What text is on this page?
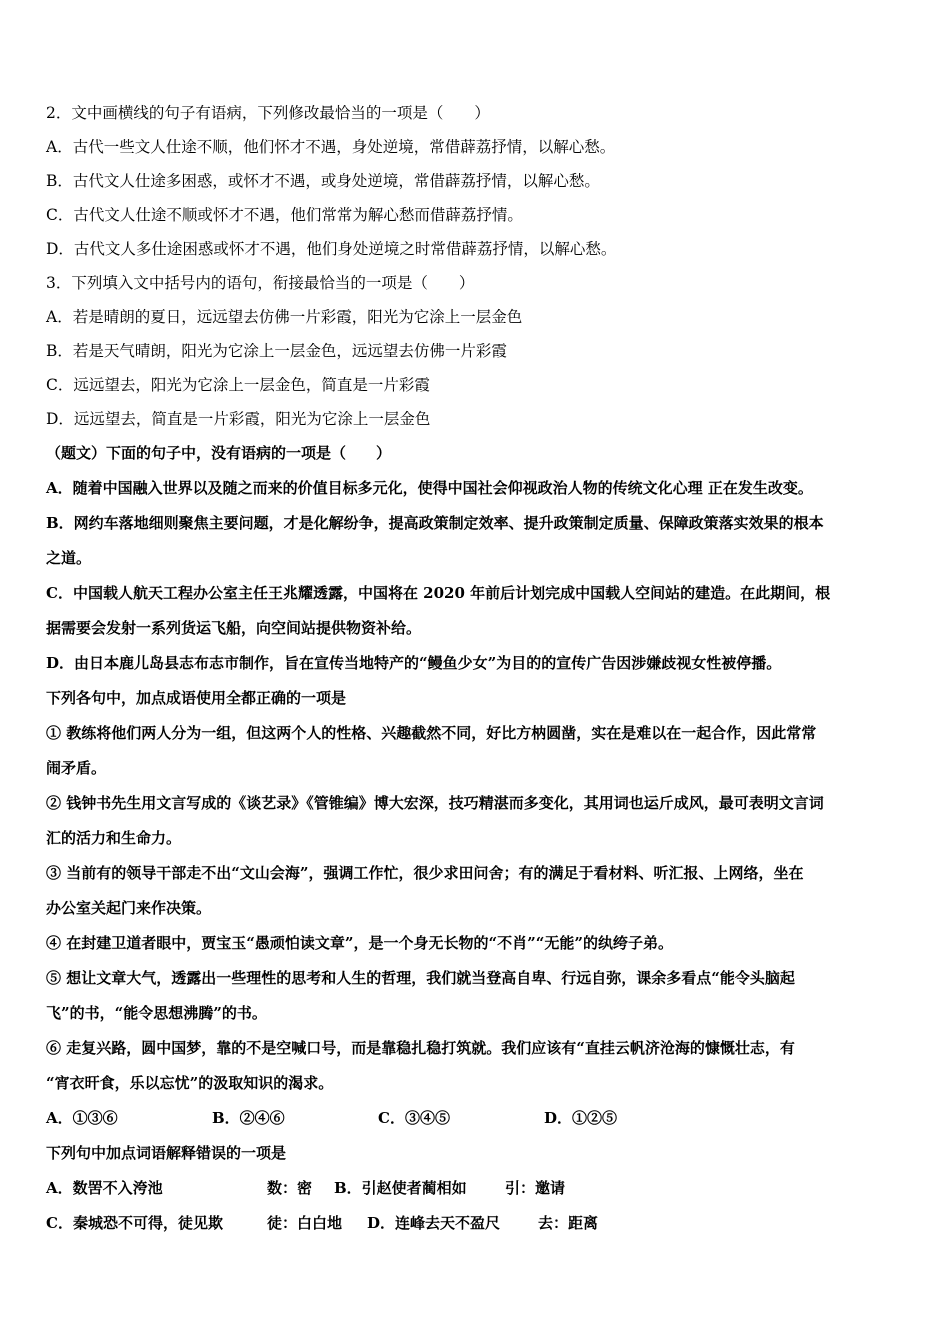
2．文中画横线的句子有语病，下列修改最恰当的一项是（　　）
A．古代一些文人仕途不顺，他们怀才不遇，身处逆境，常借薜荔抒情，以解心愁。
B．古代文人仕途多困惑，或怀才不遇，或身处逆境，常借薜荔抒情，以解心愁。
C．古代文人仕途不顺或怀才不遇，他们常常为解心愁而借薜荔抒情。
D．古代文人多仕途困惑或怀才不遇，他们身处逆境之时常借薜荔抒情，以解心愁。
3．下列填入文中括号内的语句，衔接最恰当的一项是（　　）
A．若是晴朗的夏日，远远望去仿佛一片彩霞，阳光为它涂上一层金色
B．若是天气晴朗，阳光为它涂上一层金色，远远望去仿佛一片彩霞
C．远远望去，阳光为它涂上一层金色，简直是一片彩霞
D．远远望去，简直是一片彩霞，阳光为它涂上一层金色
（题文）下面的句子中，没有语病的一项是（　　）
A．随着中国融入世界以及随之而来的价值目标多元化，使得中国社会仰视政治人物的传统文化心理 正在发生改变。
B．网约车落地细则聚焦主要问题，才是化解纷争，提高政策制定效率、提升政策制定质量、保障政策落实效果的根本
之道。
C．中国载人航天工程办公室主任王兆耀透露，中国将在 2020 年前后计划完成中国载人空间站的建造。在此期间，根
据需要会发射一系列货运飞船，向空间站提供物资补给。
D．由日本鹿儿岛县志布志市制作，旨在宣传当地特产的“鳗鱼少女”为目的的宣传广告因涉嫌歧视女性被停播。
下列各句中，加点成语使用全都正确的一项是
① 教练将他们两人分为一组，但这两个人的性格、兴趣截然不同，好比方枘圆凿，实在是难以在一起合作，因此常常
闹矛盾。
② 钱钟书先生用文言写成的《谈艺录》《管锥编》博大宏深，技巧精湛而多变化，其用词也运斤成风，最可表明文言词
汇的活力和生命力。
③ 当前有的领导干部走不出“文山会海”，强调工作忙，很少求田问舍；有的满足于看材料、听汇报、上网络，坐在
办公室关起门来作决策。
④ 在封建卫道者眼中，贾宝玉“愚顽怕读文章”，是一个身无长物的“不肖”“无能”的纨绔子弟。
⑤ 想让文章大气，透露出一些理性的思考和人生的哲理，我们就当登高自卑、行远自弥，课余多看点“能令头脑起
飞”的书，“能令思想沸腾”的书。
⑥ 走复兴路，圆中国梦，靠的不是空喊口号，而是靠稳扎稳打筑就。我们应该有“直挂云帆济沧海的慷慨壮志，有
“宵衣旰食，乐以忘忧”的汲取知识的渴求。
A．①③⑥	B．②④⑥	C．③④⑤	D．①②⑤
下列句中加点词语解释错误的一项是
A．数罟不入洿池	数：密	B．引赵使者蔺相如	引：邀请
C．秦城恐不可得，徒见欺	徒：白白地	D．连峰去天不盈尺	去：距离
